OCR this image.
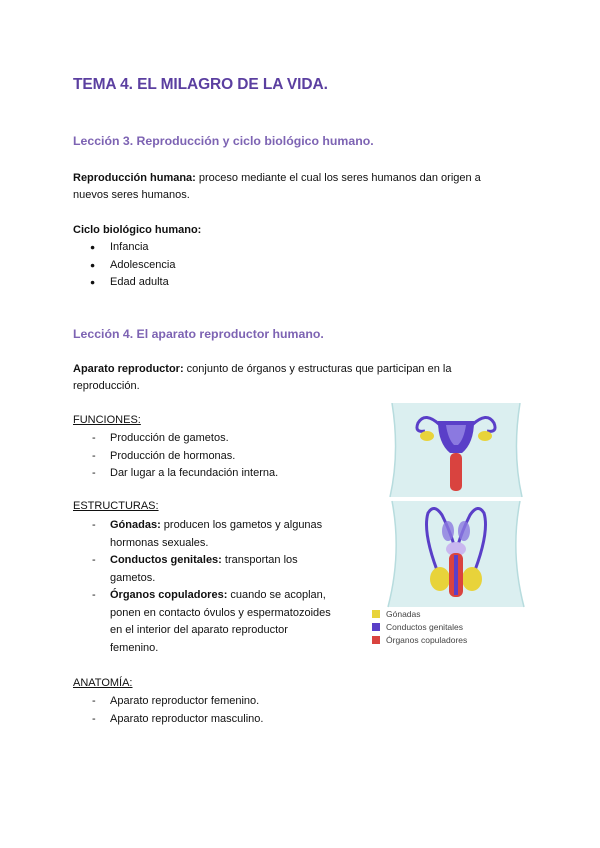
TEMA 4. EL MILAGRO DE LA VIDA.
Lección 3. Reproducción y ciclo biológico humano.
Reproducción humana: proceso mediante el cual los seres humanos dan origen a
nuevos seres humanos.
Ciclo biológico humano:
● Infancia
● Adolescencia
● Edad adulta
Lección 4. El aparato reproductor humano.
Aparato reproductor: conjunto de órganos y estructuras que participan en la
reproducción.
FUNCIONES:
- Producción de gametos.
- Producción de hormonas.
- Dar lugar a la fecundación interna.
ESTRUCTURAS:
- Gónadas: producen los gametos y algunas
hormonas sexuales.
- Conductos genitales: transportan los
gametos.
- Órganos copuladores: cuando se acoplan,
ponen en contacto óvulos y espermatozoides
en el interior del aparato reproductor
femenino.
ANATOMÍA:
- Aparato reproductor femenino.
- Aparato reproductor masculino.
Gónadas
Conductos genitales
Órganos copuladores
